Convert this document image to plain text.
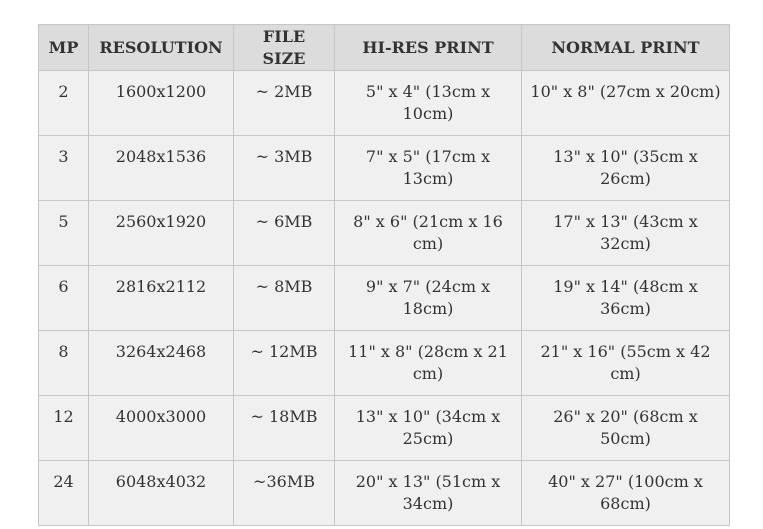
MP	RESOLUTION	FILE SIZE	HI-RES PRINT	NORMAL PRINT
2	1600x1200	~ 2MB	5" x 4" (13cm x 10cm)	10" x 8" (27cm x 20cm)
3	2048x1536	~ 3MB	7" x 5" (17cm x 13cm)	13" x 10" (35cm x 26cm)
5	2560x1920	~ 6MB	8" x 6" (21cm x 16 cm)	17" x 13" (43cm x 32cm)
6	2816x2112	~ 8MB	9" x 7" (24cm x 18cm)	19" x 14" (48cm x 36cm)
8	3264x2468	~ 12MB	11" x 8" (28cm x 21 cm)	21" x 16" (55cm x 42 cm)
12	4000x3000	~ 18MB	13" x 10" (34cm x 25cm)	26" x 20" (68cm x 50cm)
24	6048x4032	~36MB	20" x 13" (51cm x 34cm)	40" x 27" (100cm x 68cm)
